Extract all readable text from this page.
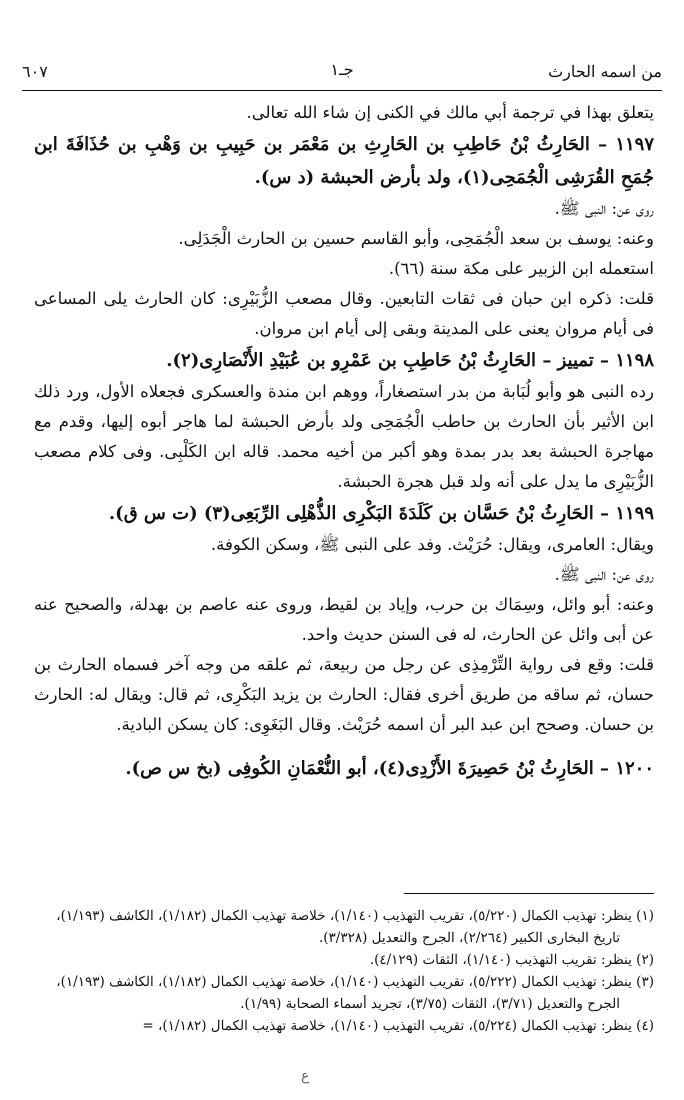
من اسمه الحارث
جـ١
٦٠٧

يتعلق بهذا في ترجمة أبي مالك في الكنى إن شاء الله تعالى.

١١٩٧ – الحَارِثُ بْنُ حَاطِبِ بن الحَارِثِ بن مَعْمَر بن حَبِيبِ بن وَهْبِ بن حُذَافَةَ ابن جُمَحِ القُرَشِى الْجُمَحِى(١)، ولد بأرض الحبشة (د س).

روى عن: النبى ﷺ.

وعنه: يوسف بن سعد الْجُمَحِى، وأبو القاسم حسين بن الحارث الْجَدَلِى.

استعمله ابن الزبير على مكة سنة (٦٦).

قلت: ذكره ابن حبان فى ثقات التابعين. وقال مصعب الزُّبَيْرِى: كان الحارث يلى المساعى فى أيام مروان يعنى على المدينة وبقى إلى أيام ابن مروان.

١١٩٨ – تمييز – الحَارِثُ بْنُ حَاطِبِ بن عَمْرِو بن عُبَيْدِ الأَنْصَارِى(٢).

رده النبى هو وأبو لُبَابة من بدر استصغاراً، ووهم ابن مندة والعسكرى فجعلاه الأول، ورد ذلك ابن الأثير بأن الحارث بن حاطب الْجُمَحِى ولد بأرض الحبشة لما هاجر أبوه إليها، وقدم مع مهاجرة الحبشة بعد بدر بمدة وهو أكبر من أخيه محمد. قاله ابن الكَلْبِى. وفى كلام مصعب الزُّبَيْرِى ما يدل على أنه ولد قبل هجرة الحبشة.

١١٩٩ – الحَارِثُ بْنُ حَسَّان بن كَلَدَةَ البَكْرِى الذُّهْلِى الرِّبَعِى(٣) (ت س ق).

ويقال: العامرى، ويقال: حُرَيْث. وفد على النبى ﷺ، وسكن الكوفة.

روى عن: النبى ﷺ.

وعنه: أبو وائل، وسِمَاك بن حرب، وإياد بن لقيط، وروى عنه عاصم بن بهدلة، والصحيح عنه عن أبى وائل عن الحارث، له فى السنن حديث واحد.

قلت: وقع فى رواية التِّرْمِذِى عن رجل من ربيعة، ثم علقه من وجه آخر فسماه الحارث بن حسان، ثم ساقه من طريق أخرى فقال: الحارث بن يزيد البَكْرِى، ثم قال: ويقال له: الحارث بن حسان. وصحح ابن عبد البر أن اسمه حُرَيْث. وقال البَغَوِى: كان يسكن البادية.

١٢٠٠ – الحَارِثُ بْنُ حَصِيرَةَ الأَزْدِى(٤)، أبو النُّعْمَانِ الكُوفِى (بخ س ص).

(١) ينظر: تهذيب الكمال (٥/٢٢٠)، تقريب التهذيب (١/١٤٠)، خلاصة تهذيب الكمال (١/١٨٢)، الكاشف (١/١٩٣)، تاريخ البخارى الكبير (٢/٢٦٤)، الجرح والتعديل (٣/٣٢٨).

(٢) ينظر: تقريب التهذيب (١/١٤٠)، الثقات (٤/١٢٩).

(٣) ينظر: تهذيب الكمال (٥/٢٢٢)، تقريب التهذيب (١/١٤٠)، خلاصة تهذيب الكمال (١/١٨٢)، الكاشف (١/١٩٣)، الجرح والتعديل (٣/٧١)، الثقات (٣/٧٥)، تجريد أسماء الصحابة (١/٩٩).

(٤) ينظر: تهذيب الكمال (٥/٢٢٤)، تقريب التهذيب (١/١٤٠)، خلاصة تهذيب الكمال (١/١٨٢)، =

ع
